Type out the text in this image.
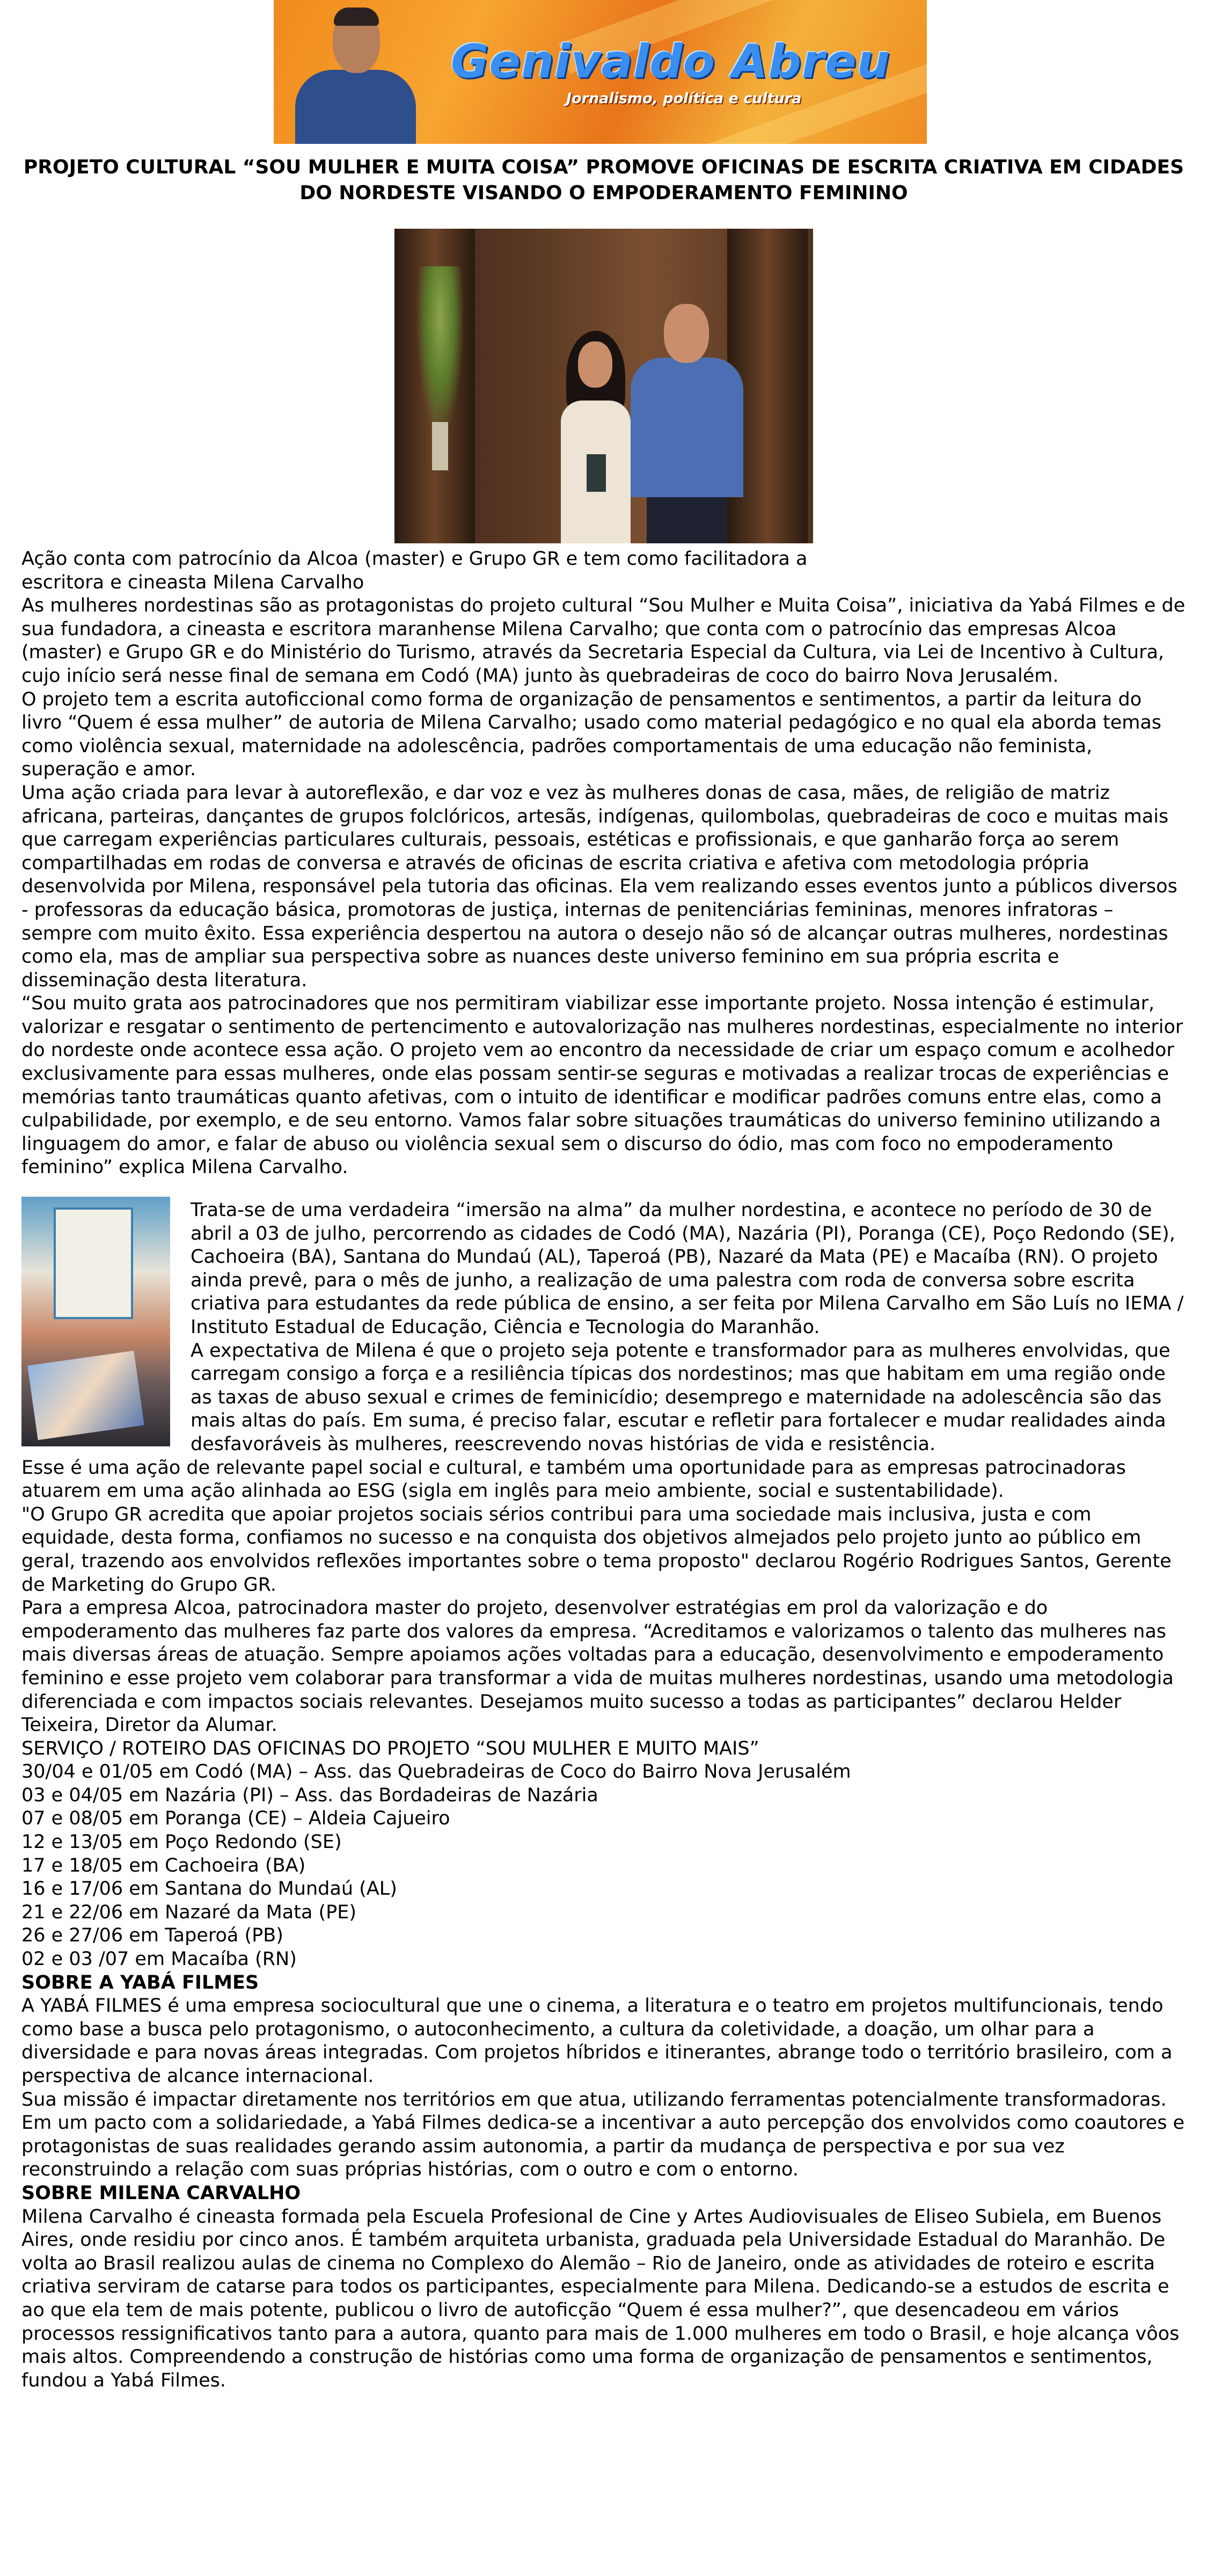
Genivaldo Abreu
Jornalismo, política e cultura
PROJETO CULTURAL “SOU MULHER E MUITA COISA” PROMOVE OFICINAS DE ESCRITA CRIATIVA EM CIDADES DO NORDESTE VISANDO O EMPODERAMENTO FEMININO

Ação conta com patrocínio da Alcoa (master) e Grupo GR e tem como facilitadora a escritora e cineasta Milena Carvalho

As mulheres nordestinas são as protagonistas do projeto cultural “Sou Mulher e Muita Coisa”, iniciativa da Yabá Filmes e de sua fundadora, a cineasta e escritora maranhense Milena Carvalho; que conta com o patrocínio das empresas Alcoa (master) e Grupo GR e do Ministério do Turismo, através da Secretaria Especial da Cultura, via Lei de Incentivo à Cultura, cujo início será nesse final de semana em Codó (MA) junto às quebradeiras de coco do bairro Nova Jerusalém.

O projeto tem a escrita autoficcional como forma de organização de pensamentos e sentimentos, a partir da leitura do livro “Quem é essa mulher” de autoria de Milena Carvalho; usado como material pedagógico e no qual ela aborda temas como violência sexual, maternidade na adolescência, padrões comportamentais de uma educação não feminista, superação e amor.

Uma ação criada para levar à autoreflexão, e dar voz e vez às mulheres donas de casa, mães, de religião de matriz africana, parteiras, dançantes de grupos folclóricos, artesãs, indígenas, quilombolas, quebradeiras de coco e muitas mais que carregam experiências particulares culturais, pessoais, estéticas e profissionais, e que ganharão força ao serem compartilhadas em rodas de conversa e através de oficinas de escrita criativa e afetiva com metodologia própria desenvolvida por Milena, responsável pela tutoria das oficinas. Ela vem realizando esses eventos junto a públicos diversos - professoras da educação básica, promotoras de justiça, internas de penitenciárias femininas, menores infratoras – sempre com muito êxito. Essa experiência despertou na autora o desejo não só de alcançar outras mulheres, nordestinas como ela, mas de ampliar sua perspectiva sobre as nuances deste universo feminino em sua própria escrita e disseminação desta literatura.

“Sou muito grata aos patrocinadores que nos permitiram viabilizar esse importante projeto. Nossa intenção é estimular, valorizar e resgatar o sentimento de pertencimento e autovalorização nas mulheres nordestinas, especialmente no interior do nordeste onde acontece essa ação. O projeto vem ao encontro da necessidade de criar um espaço comum e acolhedor exclusivamente para essas mulheres, onde elas possam sentir-se seguras e motivadas a realizar trocas de experiências e memórias tanto traumáticas quanto afetivas, com o intuito de identificar e modificar padrões comuns entre elas, como a culpabilidade, por exemplo, e de seu entorno. Vamos falar sobre situações traumáticas do universo feminino utilizando a linguagem do amor, e falar de abuso ou violência sexual sem o discurso do ódio, mas com foco no empoderamento feminino” explica Milena Carvalho.

Trata-se de uma verdadeira “imersão na alma” da mulher nordestina, e acontece no período de 30 de abril a 03 de julho, percorrendo as cidades de Codó (MA), Nazária (PI), Poranga (CE), Poço Redondo (SE), Cachoeira (BA), Santana do Mundaú (AL), Taperoá (PB), Nazaré da Mata (PE) e Macaíba (RN). O projeto ainda prevê, para o mês de junho, a realização de uma palestra com roda de conversa sobre escrita criativa para estudantes da rede pública de ensino, a ser feita por Milena Carvalho em São Luís no IEMA / Instituto Estadual de Educação, Ciência e Tecnologia do Maranhão.

A expectativa de Milena é que o projeto seja potente e transformador para as mulheres envolvidas, que carregam consigo a força e a resiliência típicas dos nordestinos; mas que habitam em uma região onde as taxas de abuso sexual e crimes de feminicídio; desemprego e maternidade na adolescência são das mais altas do país. Em suma, é preciso falar, escutar e refletir para fortalecer e mudar realidades ainda desfavoráveis às mulheres, reescrevendo novas histórias de vida e resistência.

Esse é uma ação de relevante papel social e cultural, e também uma oportunidade para as empresas patrocinadoras atuarem em uma ação alinhada ao ESG (sigla em inglês para meio ambiente, social e sustentabilidade).

"O Grupo GR acredita que apoiar projetos sociais sérios contribui para uma sociedade mais inclusiva, justa e com equidade, desta forma, confiamos no sucesso e na conquista dos objetivos almejados pelo projeto junto ao público em geral, trazendo aos envolvidos reflexões importantes sobre o tema proposto" declarou Rogério Rodrigues Santos, Gerente de Marketing do Grupo GR.

Para a empresa Alcoa, patrocinadora master do projeto, desenvolver estratégias em prol da valorização e do empoderamento das mulheres faz parte dos valores da empresa. “Acreditamos e valorizamos o talento das mulheres nas mais diversas áreas de atuação. Sempre apoiamos ações voltadas para a educação, desenvolvimento e empoderamento feminino e esse projeto vem colaborar para transformar a vida de muitas mulheres nordestinas, usando uma metodologia diferenciada e com impactos sociais relevantes. Desejamos muito sucesso a todas as participantes” declarou Helder Teixeira, Diretor da Alumar.

SERVIÇO / ROTEIRO DAS OFICINAS DO PROJETO “SOU MULHER E MUITO MAIS”

30/04 e 01/05 em Codó (MA) – Ass. das Quebradeiras de Coco do Bairro Nova Jerusalém

03 e 04/05 em Nazária (PI) – Ass. das Bordadeiras de Nazária

07 e 08/05 em Poranga (CE) – Aldeia Cajueiro

12 e 13/05 em Poço Redondo (SE)

17 e 18/05 em Cachoeira (BA)

16 e 17/06 em Santana do Mundaú (AL)

21 e 22/06 em Nazaré da Mata (PE)

26 e 27/06 em Taperoá (PB)

02 e 03 /07 em Macaíba (RN)

SOBRE A YABÁ FILMES

A YABÁ FILMES é uma empresa sociocultural que une o cinema, a literatura e o teatro em projetos multifuncionais, tendo como base a busca pelo protagonismo, o autoconhecimento, a cultura da coletividade, a doação, um olhar para a diversidade e para novas áreas integradas. Com projetos híbridos e itinerantes, abrange todo o território brasileiro, com a perspectiva de alcance internacional.

Sua missão é impactar diretamente nos territórios em que atua, utilizando ferramentas potencialmente transformadoras. Em um pacto com a solidariedade, a Yabá Filmes dedica-se a incentivar a auto percepção dos envolvidos como coautores e protagonistas de suas realidades gerando assim autonomia, a partir da mudança de perspectiva e por sua vez reconstruindo a relação com suas próprias histórias, com o outro e com o entorno.

SOBRE MILENA CARVALHO

Milena Carvalho é cineasta formada pela Escuela Profesional de Cine y Artes Audiovisuales de Eliseo Subiela, em Buenos Aires, onde residiu por cinco anos. É também arquiteta urbanista, graduada pela Universidade Estadual do Maranhão. De volta ao Brasil realizou aulas de cinema no Complexo do Alemão – Rio de Janeiro, onde as atividades de roteiro e escrita criativa serviram de catarse para todos os participantes, especialmente para Milena. Dedicando-se a estudos de escrita e ao que ela tem de mais potente, publicou o livro de autoficção “Quem é essa mulher?”, que desencadeou em vários processos ressignificativos tanto para a autora, quanto para mais de 1.000 mulheres em todo o Brasil, e hoje alcança vôos mais altos. Compreendendo a construção de histórias como uma forma de organização de pensamentos e sentimentos, fundou a Yabá Filmes.
